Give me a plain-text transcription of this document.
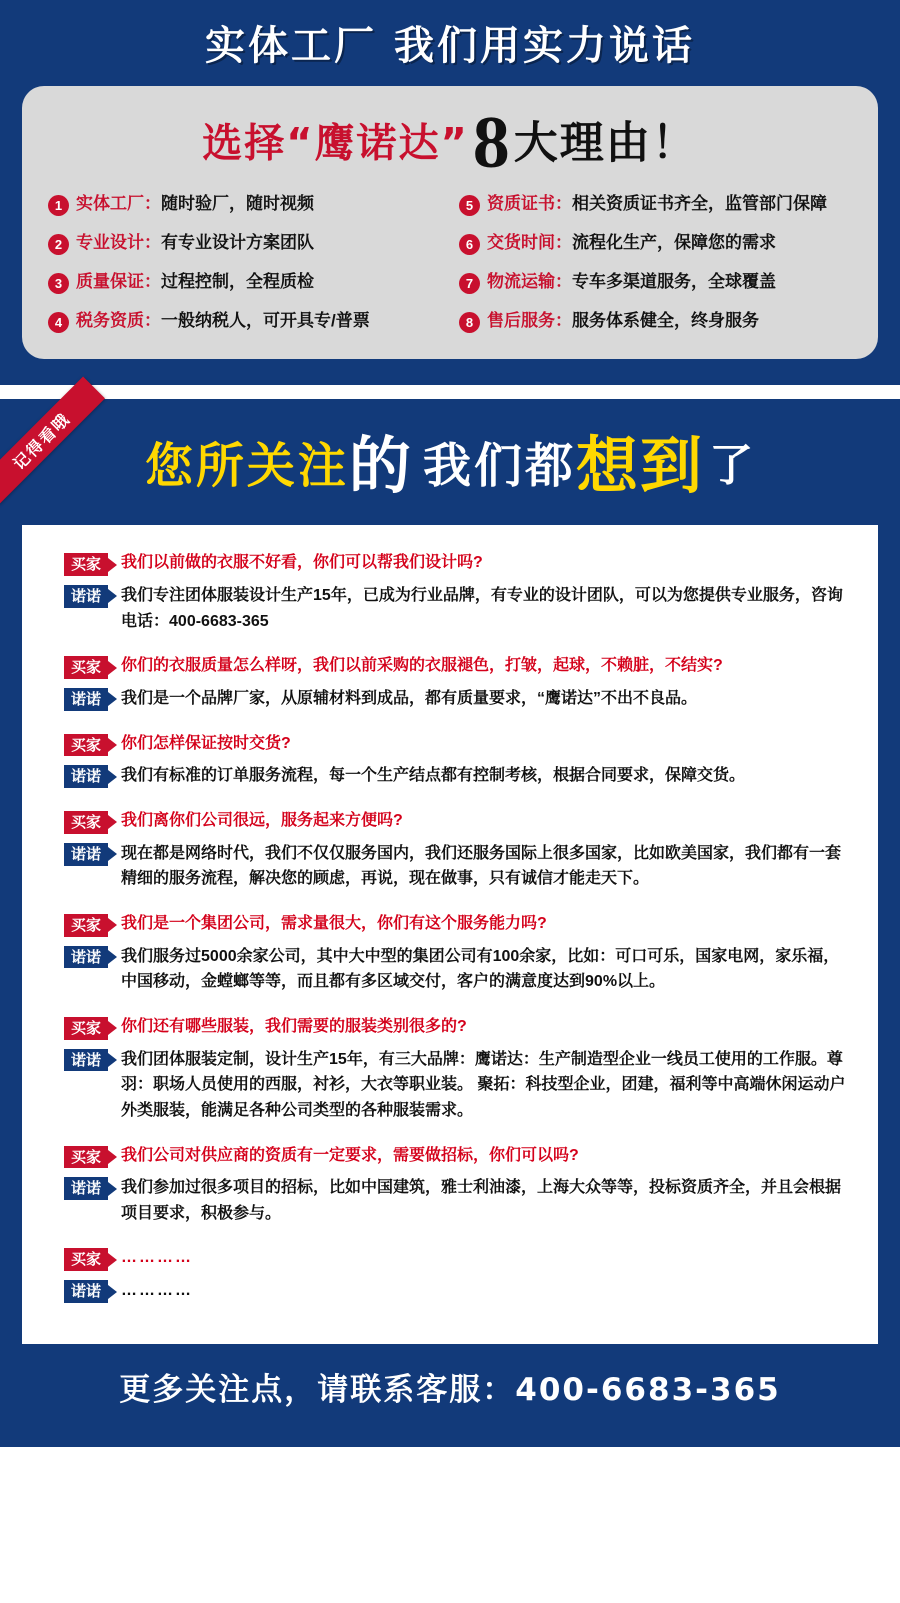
实体工厂 我们用实力说话
选择“鹰诺达”8大理由！
1 实体工厂：随时验厂，随时视频	5 资质证书：相关资质证书齐全，监管部门保障
2 专业设计：有专业设计方案团队	6 交货时间：流程化生产，保障您的需求
3 质量保证：过程控制，全程质检	7 物流运输：专车多渠道服务，全球覆盖
4 税务资质：一般纳税人，可开具专/普票	8 售后服务：服务体系健全，终身服务
记得看哦	您所关注的 我们都想到 了
买家	我们以前做的衣服不好看，你们可以帮我们设计吗?
诺诺	我们专注团体服装设计生产15年，已成为行业品牌，有专业的设计团队，可以为您提供专业服务，咨询电话：400-6683-365
买家	你们的衣服质量怎么样呀，我们以前采购的衣服褪色，打皱，起球，不赖脏，不结实?
诺诺	我们是一个品牌厂家，从原辅材料到成品，都有质量要求，“鹰诺达”不出不良品。
买家	你们怎样保证按时交货?
诺诺	我们有标准的订单服务流程，每一个生产结点都有控制考核，根据合同要求，保障交货。
买家	我们离你们公司很远，服务起来方便吗?
诺诺	现在都是网络时代，我们不仅仅服务国内，我们还服务国际上很多国家，比如欧美国家，我们都有一套精细的服务流程，解决您的顾虑，再说，现在做事，只有诚信才能走天下。
买家	我们是一个集团公司，需求量很大，你们有这个服务能力吗?
诺诺	我们服务过5000余家公司，其中大中型的集团公司有100余家，比如：可口可乐，国家电网，家乐福，中国移动，金螳螂等等，而且都有多区域交付，客户的满意度达到90%以上。
买家	你们还有哪些服装，我们需要的服装类别很多的?
诺诺	我们团体服装定制，设计生产15年，有三大品牌：鹰诺达：生产制造型企业一线员工使用的工作服。尊羽：职场人员使用的西服，衬衫，大衣等职业装。 聚拓：科技型企业，团建，福利等中高端休闲运动户外类服装，能满足各种公司类型的各种服装需求。
买家	我们公司对供应商的资质有一定要求，需要做招标，你们可以吗?
诺诺	我们参加过很多项目的招标，比如中国建筑，雅士利油漆，上海大众等等，投标资质齐全，并且会根据项目要求，积极参与。
买家	…………
诺诺	…………
更多关注点，请联系客服：400-6683-365
